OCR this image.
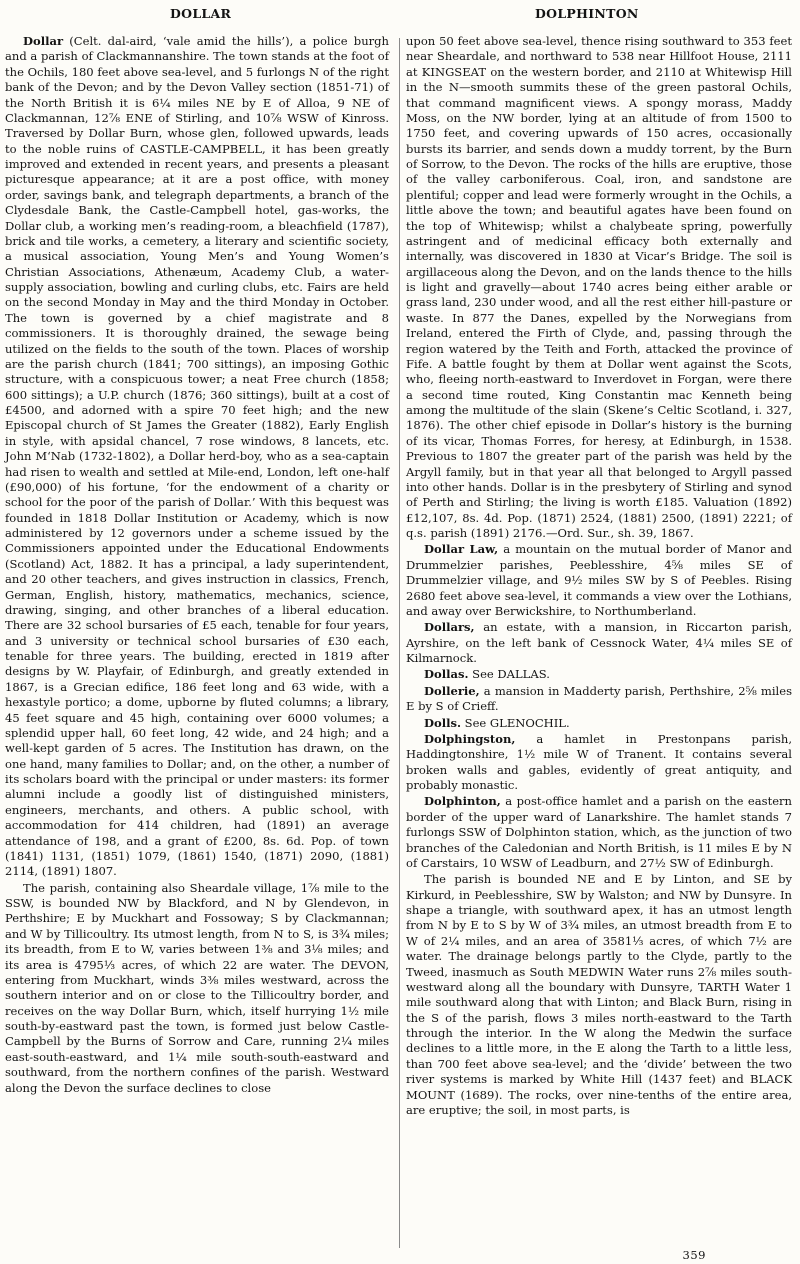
DOLLAR	DOLPHINTON

Dollar (Celt. dal-aird, ‘vale amid the hills’), a police burgh and a parish of Clackmannanshire. The town stands at the foot of the Ochils, 180 feet above sea-level, and 5 furlongs N of the right bank of the Devon; and by the Devon Valley section (1851-71) of the North British it is 6¼ miles NE by E of Alloa, 9 NE of Clackmannan, 12⅞ ENE of Stirling, and 10⅞ WSW of Kinross. Traversed by Dollar Burn, whose glen, followed upwards, leads to the noble ruins of CASTLE-CAMPBELL, it has been greatly improved and extended in recent years, and presents a pleasant picturesque appearance; at it are a post office, with money order, savings bank, and telegraph departments, a branch of the Clydesdale Bank, the Castle-Campbell hotel, gas-works, the Dollar club, a working men’s reading-room, a bleachfield (1787), brick and tile works, a cemetery, a literary and scientific society, a musical association, Young Men’s and Young Women’s Christian Associations, Athenæum, Academy Club, a water-supply association, bowling and curling clubs, etc. Fairs are held on the second Monday in May and the third Monday in October. The town is governed by a chief magistrate and 8 commissioners. It is thoroughly drained, the sewage being utilized on the fields to the south of the town. Places of worship are the parish church (1841; 700 sittings), an imposing Gothic structure, with a conspicuous tower; a neat Free church (1858; 600 sittings); a U.P. church (1876; 360 sittings), built at a cost of £4500, and adorned with a spire 70 feet high; and the new Episcopal church of St James the Greater (1882), Early English in style, with apsidal chancel, 7 rose windows, 8 lancets, etc. John M‘Nab (1732-1802), a Dollar herd-boy, who as a sea-captain had risen to wealth and settled at Mile-end, London, left one-half (£90,000) of his fortune, ‘for the endowment of a charity or school for the poor of the parish of Dollar.’ With this bequest was founded in 1818 Dollar Institution or Academy, which is now administered by 12 governors under a scheme issued by the Commissioners appointed under the Educational Endowments (Scotland) Act, 1882. It has a principal, a lady superintendent, and 20 other teachers, and gives instruction in classics, French, German, English, history, mathematics, mechanics, science, drawing, singing, and other branches of a liberal education. There are 32 school bursaries of £5 each, tenable for four years, and 3 university or technical school bursaries of £30 each, tenable for three years. The building, erected in 1819 after designs by W. Playfair, of Edinburgh, and greatly extended in 1867, is a Grecian edifice, 186 feet long and 63 wide, with a hexastyle portico; a dome, upborne by fluted columns; a library, 45 feet square and 45 high, containing over 6000 volumes; a splendid upper hall, 60 feet long, 42 wide, and 24 high; and a well-kept garden of 5 acres. The Institution has drawn, on the one hand, many families to Dollar; and, on the other, a number of its scholars board with the principal or under masters: its former alumni include a goodly list of distinguished ministers, engineers, merchants, and others. A public school, with accommodation for 414 children, had (1891) an average attendance of 198, and a grant of £200, 8s. 6d. Pop. of town (1841) 1131, (1851) 1079, (1861) 1540, (1871) 2090, (1881) 2114, (1891) 1807.

The parish, containing also Sheardale village, 1⅞ mile to the SSW, is bounded NW by Blackford, and N by Glendevon, in Perthshire; E by Muckhart and Fossoway; S by Clackmannan; and W by Tillicoultry. Its utmost length, from N to S, is 3¾ miles; its breadth, from E to W, varies between 1⅜ and 3⅛ miles; and its area is 4795⅓ acres, of which 22 are water. The DEVON, entering from Muckhart, winds 3⅜ miles westward, across the southern interior and on or close to the Tillicoultry border, and receives on the way Dollar Burn, which, itself hurrying 1½ mile south-by-eastward past the town, is formed just below Castle-Campbell by the Burns of Sorrow and Care, running 2¼ miles east-south-eastward, and 1¼ mile south-south-eastward and southward, from the northern confines of the parish. Westward along the Devon the surface declines to close

upon 50 feet above sea-level, thence rising southward to 353 feet near Sheardale, and northward to 538 near Hillfoot House, 2111 at KINGSEAT on the western border, and 2110 at Whitewisp Hill in the N—smooth summits these of the green pastoral Ochils, that command magnificent views. A spongy morass, Maddy Moss, on the NW border, lying at an altitude of from 1500 to 1750 feet, and covering upwards of 150 acres, occasionally bursts its barrier, and sends down a muddy torrent, by the Burn of Sorrow, to the Devon. The rocks of the hills are eruptive, those of the valley carboniferous. Coal, iron, and sandstone are plentiful; copper and lead were formerly wrought in the Ochils, a little above the town; and beautiful agates have been found on the top of Whitewisp; whilst a chalybeate spring, powerfully astringent and of medicinal efficacy both externally and internally, was discovered in 1830 at Vicar’s Bridge. The soil is argillaceous along the Devon, and on the lands thence to the hills is light and gravelly—about 1740 acres being either arable or grass land, 230 under wood, and all the rest either hill-pasture or waste. In 877 the Danes, expelled by the Norwegians from Ireland, entered the Firth of Clyde, and, passing through the region watered by the Teith and Forth, attacked the province of Fife. A battle fought by them at Dollar went against the Scots, who, fleeing north-eastward to Inverdovet in Forgan, were there a second time routed, King Constantin mac Kenneth being among the multitude of the slain (Skene’s Celtic Scotland, i. 327, 1876). The other chief episode in Dollar’s history is the burning of its vicar, Thomas Forres, for heresy, at Edinburgh, in 1538. Previous to 1807 the greater part of the parish was held by the Argyll family, but in that year all that belonged to Argyll passed into other hands. Dollar is in the presbytery of Stirling and synod of Perth and Stirling; the living is worth £185. Valuation (1892) £12,107, 8s. 4d. Pop. (1871) 2524, (1881) 2500, (1891) 2221; of q.s. parish (1891) 2176.—Ord. Sur., sh. 39, 1867.

Dollar Law, a mountain on the mutual border of Manor and Drummelzier parishes, Peeblesshire, 4⅝ miles SE of Drummelzier village, and 9½ miles SW by S of Peebles. Rising 2680 feet above sea-level, it commands a view over the Lothians, and away over Berwickshire, to Northumberland.

Dollars, an estate, with a mansion, in Riccarton parish, Ayrshire, on the left bank of Cessnock Water, 4¼ miles SE of Kilmarnock.

Dollas. See DALLAS.

Dollerie, a mansion in Madderty parish, Perthshire, 2⅝ miles E by S of Crieff.

Dolls. See GLENOCHIL.

Dolphingston, a hamlet in Prestonpans parish, Haddingtonshire, 1½ mile W of Tranent. It contains several broken walls and gables, evidently of great antiquity, and probably monastic.

Dolphinton, a post-office hamlet and a parish on the eastern border of the upper ward of Lanarkshire. The hamlet stands 7 furlongs SSW of Dolphinton station, which, as the junction of two branches of the Caledonian and North British, is 11 miles E by N of Carstairs, 10 WSW of Leadburn, and 27½ SW of Edinburgh.

The parish is bounded NE and E by Linton, and SE by Kirkurd, in Peeblesshire, SW by Walston; and NW by Dunsyre. In shape a triangle, with southward apex, it has an utmost length from N by E to S by W of 3¾ miles, an utmost breadth from E to W of 2¼ miles, and an area of 3581⅓ acres, of which 7½ are water. The drainage belongs partly to the Clyde, partly to the Tweed, inasmuch as South MEDWIN Water runs 2⅞ miles south-westward along all the boundary with Dunsyre, TARTH Water 1 mile southward along that with Linton; and Black Burn, rising in the S of the parish, flows 3 miles north-eastward to the Tarth through the interior. In the W along the Medwin the surface declines to a little more, in the E along the Tarth to a little less, than 700 feet above sea-level; and the ‘divide’ between the two river systems is marked by White Hill (1437 feet) and BLACK MOUNT (1689). The rocks, over nine-tenths of the entire area, are eruptive; the soil, in most parts, is

359
